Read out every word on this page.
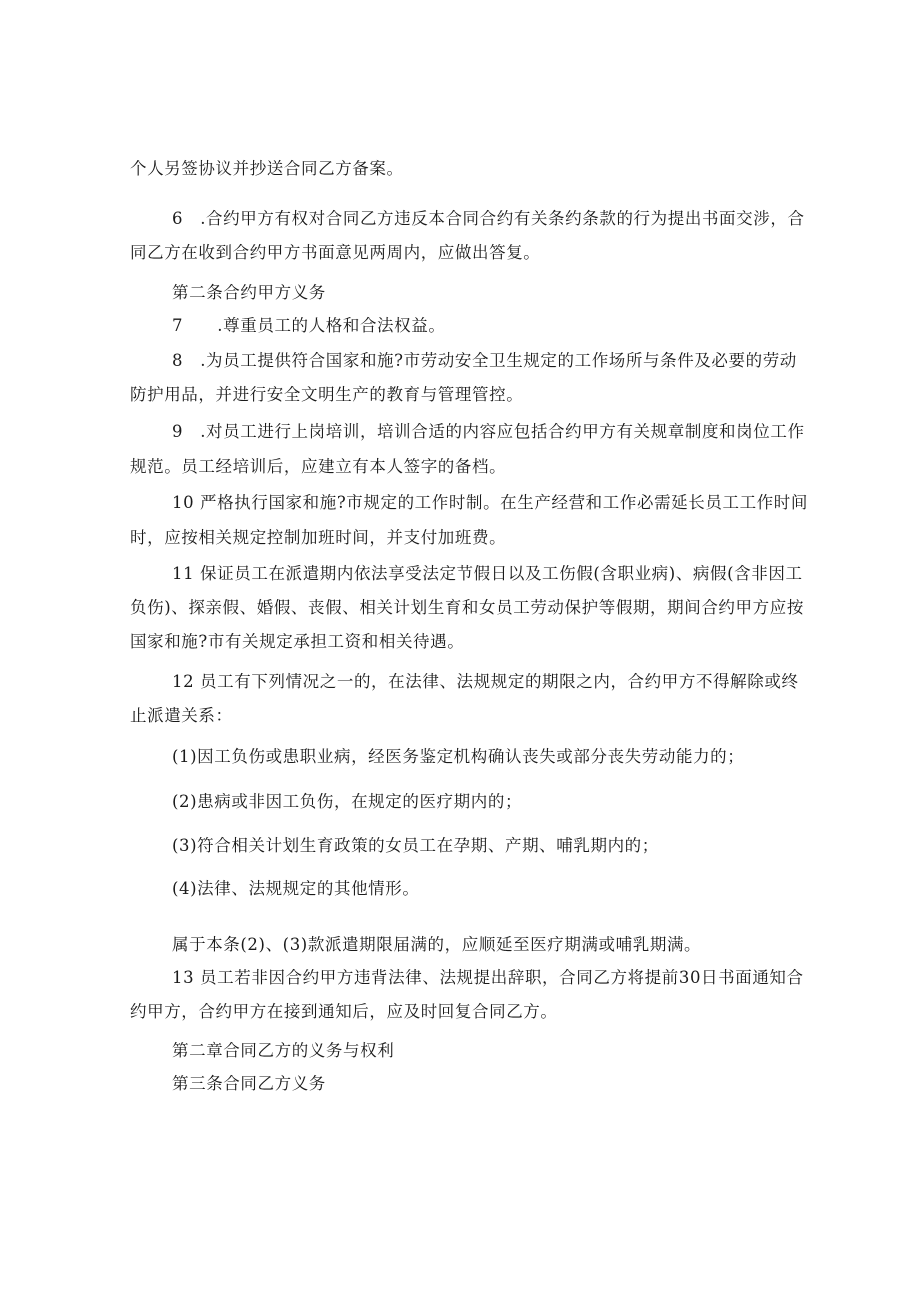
个人另签协议并抄送合同乙方备案。
6　.合约甲方有权对合同乙方违反本合同合约有关条约条款的行为提出书面交涉，合
同乙方在收到合约甲方书面意见两周内，应做出答复。
第二条合约甲方义务
7　　.尊重员工的人格和合法权益。
8　.为员工提供符合国家和施?市劳动安全卫生规定的工作场所与条件及必要的劳动
防护用品，并进行安全文明生产的教育与管理管控。
9　.对员工进行上岗培训，培训合适的内容应包括合约甲方有关规章制度和岗位工作
规范。员工经培训后，应建立有本人签字的备档。
10 严格执行国家和施?市规定的工作时制。在生产经营和工作必需延长员工工作时间
时，应按相关规定控制加班时间，并支付加班费。
11 保证员工在派遣期内依法享受法定节假日以及工伤假(含职业病)、病假(含非因工
负伤)、探亲假、婚假、丧假、相关计划生育和女员工劳动保护等假期，期间合约甲方应按
国家和施?市有关规定承担工资和相关待遇。
12 员工有下列情况之一的，在法律、法规规定的期限之内，合约甲方不得解除或终
止派遣关系：
(1)因工负伤或患职业病，经医务鉴定机构确认丧失或部分丧失劳动能力的；
(2)患病或非因工负伤，在规定的医疗期内的；
(3)符合相关计划生育政策的女员工在孕期、产期、哺乳期内的；
(4)法律、法规规定的其他情形。
属于本条(2)、(3)款派遣期限届满的，应顺延至医疗期满或哺乳期满。
13 员工若非因合约甲方违背法律、法规提出辞职，合同乙方将提前30日书面通知合
约甲方，合约甲方在接到通知后，应及时回复合同乙方。
第二章合同乙方的义务与权利
第三条合同乙方义务
